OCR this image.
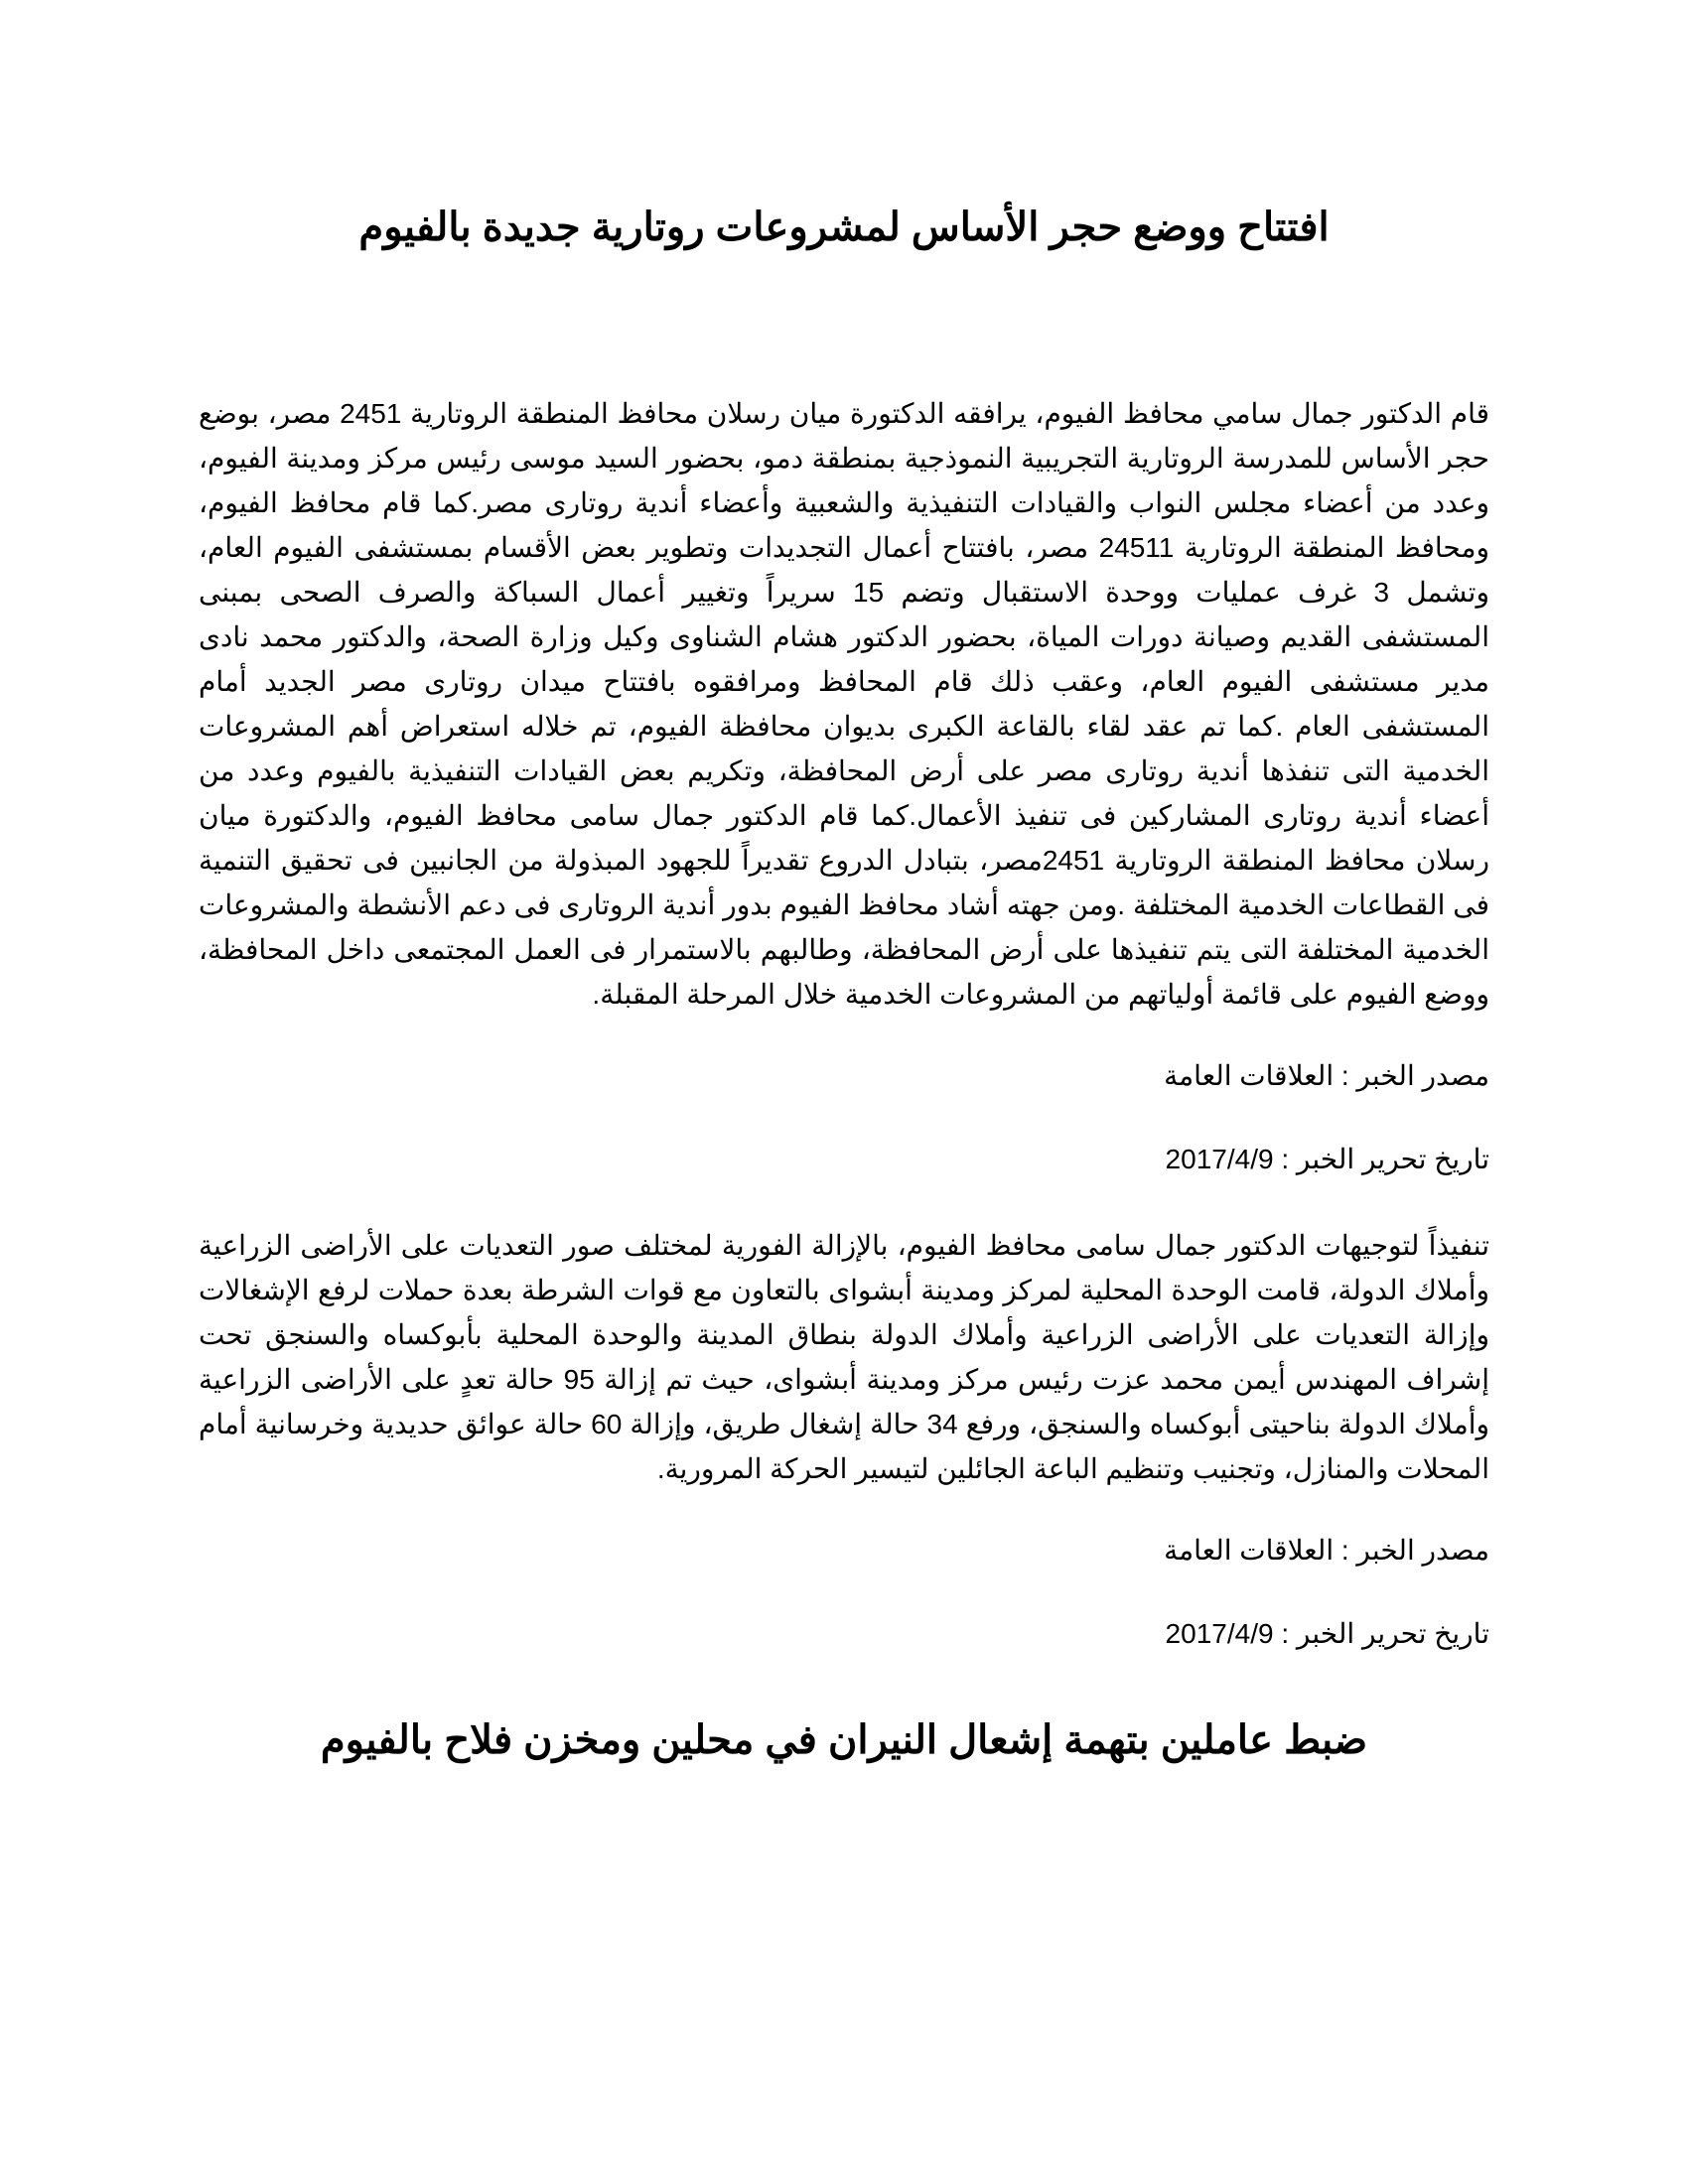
افتتاح ووضع حجر الأساس لمشروعات روتارية جديدة بالفيوم

قام الدكتور جمال سامي محافظ الفيوم، يرافقه الدكتورة ميان رسلان محافظ المنطقة الروتارية 2451 مصر، بوضع حجر الأساس للمدرسة الروتارية التجريبية النموذجية بمنطقة دمو، بحضور السيد موسى رئيس مركز ومدينة الفيوم، وعدد من أعضاء مجلس النواب والقيادات التنفيذية والشعبية وأعضاء أندية روتارى مصر.كما قام محافظ الفيوم، ومحافظ المنطقة الروتارية 24511 مصر، بافتتاح أعمال التجديدات وتطوير بعض الأقسام بمستشفى الفيوم العام، وتشمل 3 غرف عمليات ووحدة الاستقبال وتضم 15 سريراً وتغيير أعمال السباكة والصرف الصحى بمبنى المستشفى القديم وصيانة دورات المياة، بحضور الدكتور هشام الشناوى وكيل وزارة الصحة، والدكتور محمد نادى مدير مستشفى الفيوم العام، وعقب ذلك قام المحافظ ومرافقوه بافتتاح ميدان روتارى مصر الجديد أمام المستشفى العام .كما تم عقد لقاء بالقاعة الكبرى بديوان محافظة الفيوم، تم خلاله استعراض أهم المشروعات الخدمية التى تنفذها أندية روتارى مصر على أرض المحافظة، وتكريم بعض القيادات التنفيذية بالفيوم وعدد من أعضاء أندية روتارى المشاركين فى تنفيذ الأعمال.كما قام الدكتور جمال سامى محافظ الفيوم، والدكتورة ميان رسلان محافظ المنطقة الروتارية 2451مصر، بتبادل الدروع تقديراً للجهود المبذولة من الجانبين فى تحقيق التنمية فى القطاعات الخدمية المختلفة .ومن جهته أشاد محافظ الفيوم بدور أندية الروتارى فى دعم الأنشطة والمشروعات الخدمية المختلفة التى يتم تنفيذها على أرض المحافظة، وطالبهم بالاستمرار فى العمل المجتمعى داخل المحافظة، ووضع الفيوم على قائمة أولياتهم من المشروعات الخدمية خلال المرحلة المقبلة.

مصدر الخبر : العلاقات العامة

تاريخ تحرير الخبر : 2017/4/9

تنفيذاً لتوجيهات الدكتور جمال سامى محافظ الفيوم، بالإزالة الفورية لمختلف صور التعديات على الأراضى الزراعية وأملاك الدولة، قامت الوحدة المحلية لمركز ومدينة أبشواى بالتعاون مع قوات الشرطة بعدة حملات لرفع الإشغالات وإزالة التعديات على الأراضى الزراعية وأملاك الدولة بنطاق المدينة والوحدة المحلية بأبوكساه والسنجق تحت إشراف المهندس أيمن محمد عزت رئيس مركز ومدينة أبشواى، حيث تم إزالة 95 حالة تعدٍ على الأراضى الزراعية وأملاك الدولة بناحيتى أبوكساه والسنجق، ورفع 34 حالة إشغال طريق، وإزالة 60 حالة عوائق حديدية وخرسانية أمام المحلات والمنازل، وتجنيب وتنظيم الباعة الجائلين لتيسير الحركة المرورية.

مصدر الخبر : العلاقات العامة

تاريخ تحرير الخبر : 2017/4/9

ضبط عاملين بتهمة إشعال النيران في محلين ومخزن فلاح بالفيوم
